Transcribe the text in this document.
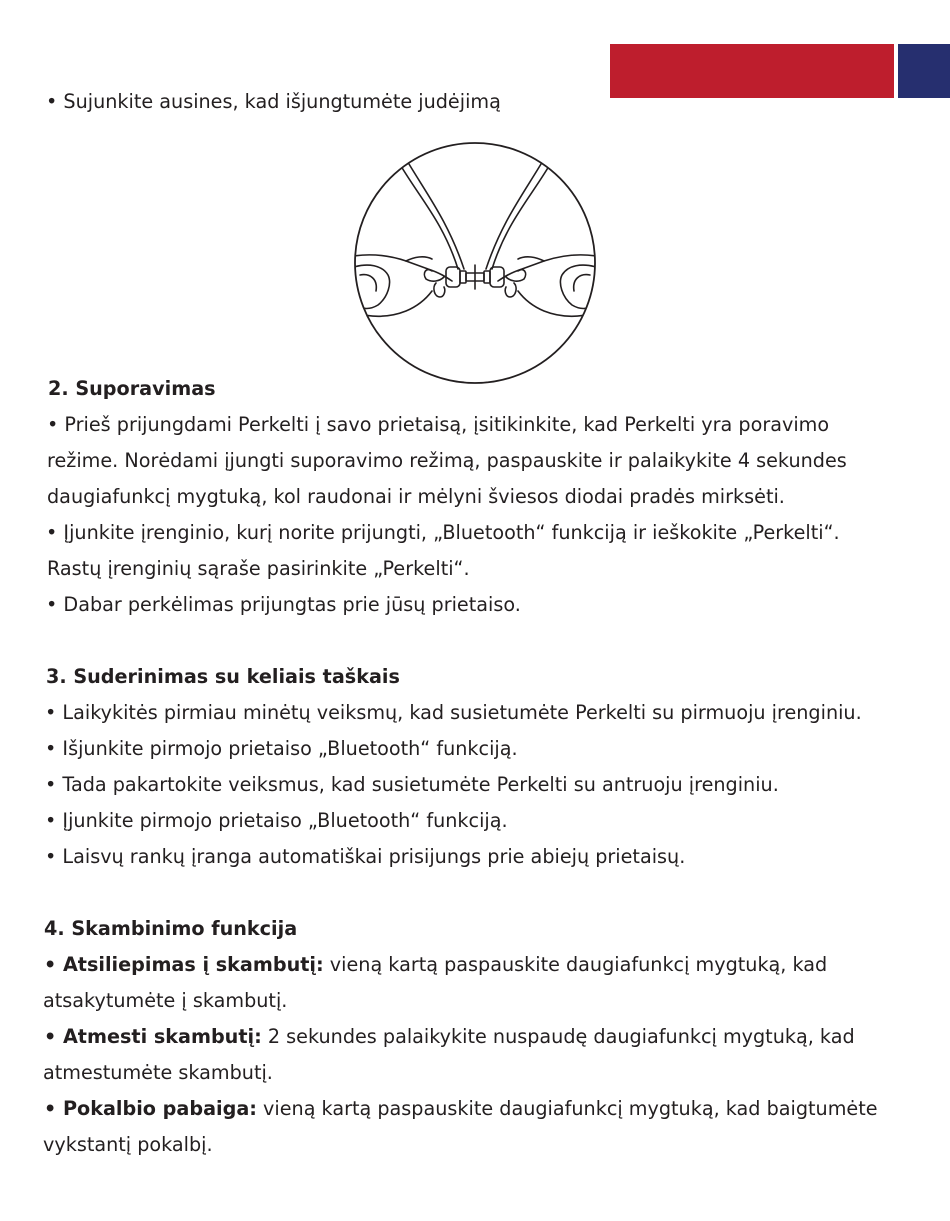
• Sujunkite ausines, kad išjungtumėte judėjimą
2. Suporavimas
• Prieš prijungdami Perkelti į savo prietaisą, įsitikinkite, kad Perkelti yra poravimo
režime. Norėdami įjungti suporavimo režimą, paspauskite ir palaikykite 4 sekundes
daugiafunkcį mygtuką, kol raudonai ir mėlyni šviesos diodai pradės mirksėti.
• Įjunkite įrenginio, kurį norite prijungti, „Bluetooth“ funkciją ir ieškokite „Perkelti“.
Rastų įrenginių sąraše pasirinkite „Perkelti“.
• Dabar perkėlimas prijungtas prie jūsų prietaiso.
3. Suderinimas su keliais taškais
• Laikykitės pirmiau minėtų veiksmų, kad susietumėte Perkelti su pirmuoju įrenginiu.
• Išjunkite pirmojo prietaiso „Bluetooth“ funkciją.
• Tada pakartokite veiksmus, kad susietumėte Perkelti su antruoju įrenginiu.
• Įjunkite pirmojo prietaiso „Bluetooth“ funkciją.
• Laisvų rankų įranga automatiškai prisijungs prie abiejų prietaisų.
4. Skambinimo funkcija
• Atsiliepimas į skambutį: vieną kartą paspauskite daugiafunkcį mygtuką, kad
atsakytumėte į skambutį.
• Atmesti skambutį: 2 sekundes palaikykite nuspaudę daugiafunkcį mygtuką, kad
atmestumėte skambutį.
• Pokalbio pabaiga: vieną kartą paspauskite daugiafunkcį mygtuką, kad baigtumėte
vykstantį pokalbį.
